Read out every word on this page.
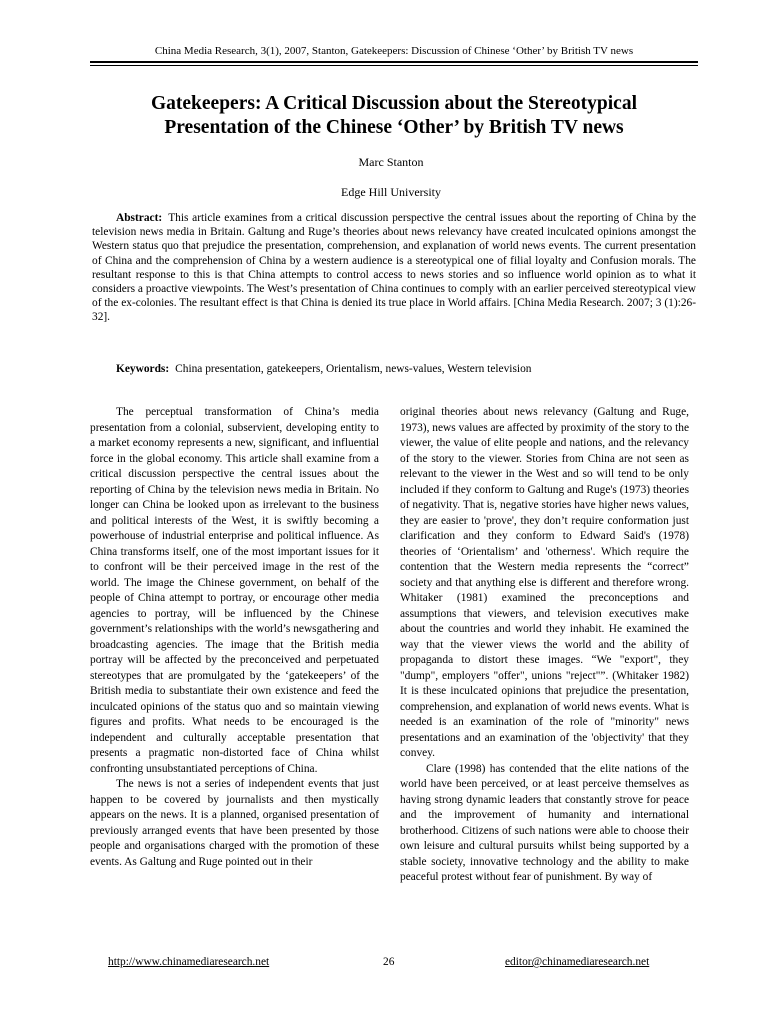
China Media Research, 3(1), 2007, Stanton, Gatekeepers: Discussion of Chinese ‘Other’ by British TV news
Gatekeepers: A Critical Discussion about the Stereotypical Presentation of the Chinese ‘Other’ by British TV news
Marc Stanton
Edge Hill University

Abstract: This article examines from a critical discussion perspective the central issues about the reporting of China by the television news media in Britain. Galtung and Ruge’s theories about news relevancy have created inculcated opinions amongst the Western status quo that prejudice the presentation, comprehension, and explanation of world news events. The current presentation of China and the comprehension of China by a western audience is a stereotypical one of filial loyalty and Confusion morals. The resultant response to this is that China attempts to control access to news stories and so influence world opinion as to what it considers a proactive viewpoints. The West’s presentation of China continues to comply with an earlier perceived stereotypical view of the ex-colonies. The resultant effect is that China is denied its true place in World affairs. [China Media Research. 2007; 3 (1):26-32].

Keywords: China presentation, gatekeepers, Orientalism, news-values, Western television

The perceptual transformation of China’s media presentation from a colonial, subservient, developing entity to a market economy represents a new, significant, and influential force in the global economy. This article shall examine from a critical discussion perspective the central issues about the reporting of China by the television news media in Britain. No longer can China be looked upon as irrelevant to the business and political interests of the West, it is swiftly becoming a powerhouse of industrial enterprise and political influence. As China transforms itself, one of the most important issues for it to confront will be their perceived image in the rest of the world. The image the Chinese government, on behalf of the people of China attempt to portray, or encourage other media agencies to portray, will be influenced by the Chinese government’s relationships with the world’s newsgathering and broadcasting agencies. The image that the British media portray will be affected by the preconceived and perpetuated stereotypes that are promulgated by the ‘gatekeepers’ of the British media to substantiate their own existence and feed the inculcated opinions of the status quo and so maintain viewing figures and profits. What needs to be encouraged is the independent and culturally acceptable presentation that presents a pragmatic non-distorted face of China whilst confronting unsubstantiated perceptions of China.

The news is not a series of independent events that just happen to be covered by journalists and then mystically appears on the news. It is a planned, organised presentation of previously arranged events that have been presented by those people and organisations charged with the promotion of these events. As Galtung and Ruge pointed out in their

original theories about news relevancy (Galtung and Ruge, 1973), news values are affected by proximity of the story to the viewer, the value of elite people and nations, and the relevancy of the story to the viewer. Stories from China are not seen as relevant to the viewer in the West and so will tend to be only included if they conform to Galtung and Ruge's (1973) theories of negativity. That is, negative stories have higher news values, they are easier to 'prove', they don’t require conformation just clarification and they conform to Edward Said's (1978) theories of ‘Orientalism’ and 'otherness'. Which require the contention that the Western media represents the “correct” society and that anything else is different and therefore wrong. Whitaker (1981) examined the preconceptions and assumptions that viewers, and television executives make about the countries and world they inhabit. He examined the way that the viewer views the world and the ability of propaganda to distort these images. “We "export", they "dump", employers "offer", unions "reject"”. (Whitaker 1982) It is these inculcated opinions that prejudice the presentation, comprehension, and explanation of world news events. What is needed is an examination of the role of "minority" news presentations and an examination of the 'objectivity' that they convey.

Clare (1998) has contended that the elite nations of the world have been perceived, or at least perceive themselves as having strong dynamic leaders that constantly strove for peace and the improvement of humanity and international brotherhood. Citizens of such nations were able to choose their own leisure and cultural pursuits whilst being supported by a stable society, innovative technology and the ability to make peaceful protest without fear of punishment. By way of

http://www.chinamediaresearch.net	26	editor@chinamediaresearch.net
